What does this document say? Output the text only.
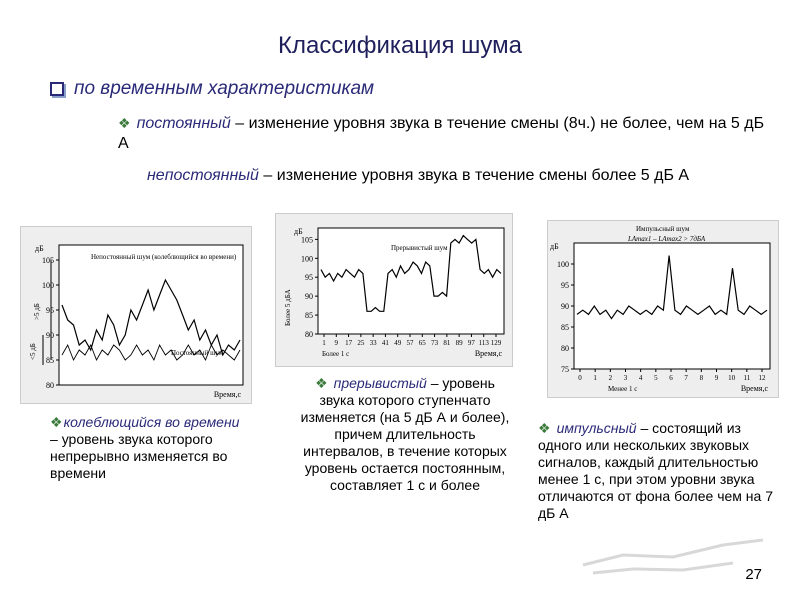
Классификация шума
по временным характеристикам
❖ постоянный – изменение уровня звука в течение смены (8ч.) не более, чем на 5 дБ А
непостоянный – изменение уровня звука в течение смены более 5 дБ А
80
85
90
95
100
105
дБ
Время,с
Непостоянный шум (колеблющийся во времени)
Постоянный шум
>5 дБ
<5 дБ
80
85
90
95
100
105
дБ
1 9 17 25 33 41 49 57 65 73 81 89 97 113 129
Время,с
Прерывистый шум
Более 5 дБА
Более 1 с
75
80
85
90
95
100
дБ
0 1 2 3 4 5 6 7 8 9 10 11 12
Время,с
Импульсный шум
LAmax1 – LAmax2 > 7дБА
Менее 1 с
❖колеблющийся во времени – уровень звука которого непрерывно изменяется во времени
❖ прерывистый – уровень звука которого ступенчато изменяется (на 5 дБ А и более), причем длительность интервалов, в течение которых уровень остается постоянным, составляет 1 с и более
❖ импульсный – состоящий из одного или нескольких звуковых сигналов, каждый длительностью менее 1 с, при этом уровни звука отличаются от фона более чем на 7 дБ А
27
